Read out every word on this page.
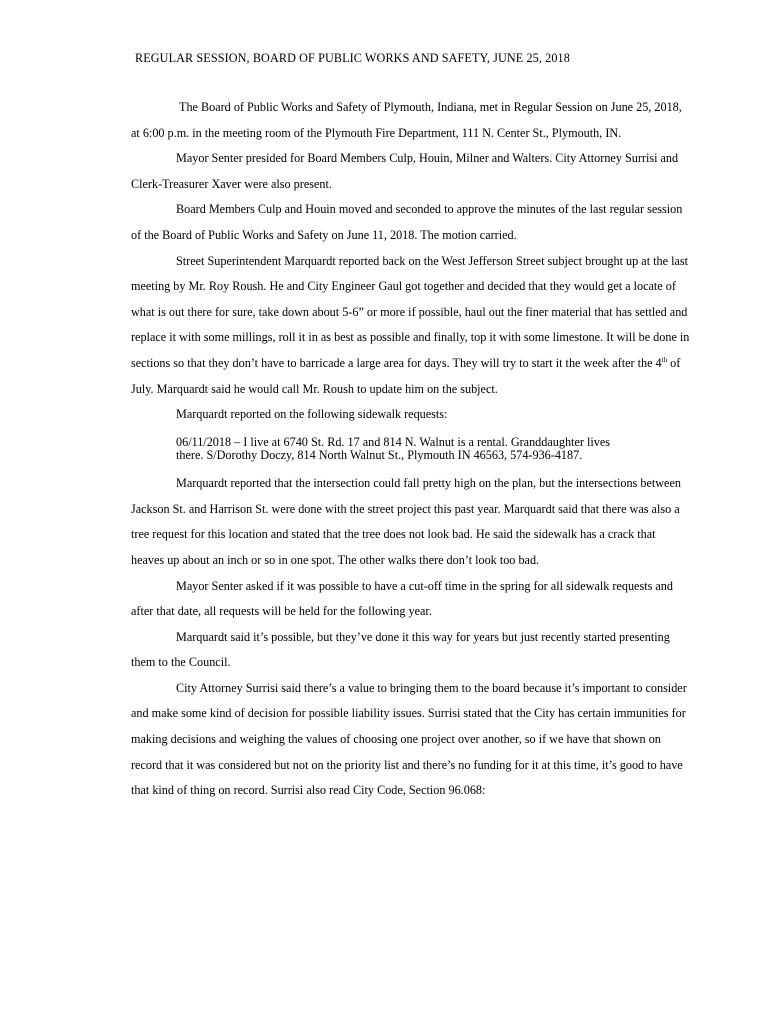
REGULAR SESSION, BOARD OF PUBLIC WORKS AND SAFETY, JUNE 25, 2018

The Board of Public Works and Safety of Plymouth, Indiana, met in Regular Session on June 25, 2018, at 6:00 p.m. in the meeting room of the Plymouth Fire Department, 111 N. Center St., Plymouth, IN.

Mayor Senter presided for Board Members Culp, Houin, Milner and Walters. City Attorney Surrisi and Clerk-Treasurer Xaver were also present.

Board Members Culp and Houin moved and seconded to approve the minutes of the last regular session of the Board of Public Works and Safety on June 11, 2018. The motion carried.

Street Superintendent Marquardt reported back on the West Jefferson Street subject brought up at the last meeting by Mr. Roy Roush. He and City Engineer Gaul got together and decided that they would get a locate of what is out there for sure, take down about 5-6” or more if possible, haul out the finer material that has settled and replace it with some millings, roll it in as best as possible and finally, top it with some limestone. It will be done in sections so that they don’t have to barricade a large area for days. They will try to start it the week after the 4th of July. Marquardt said he would call Mr. Roush to update him on the subject.

Marquardt reported on the following sidewalk requests:

06/11/2018 – I live at 6740 St. Rd. 17 and 814 N. Walnut is a rental. Granddaughter lives
there. S/Dorothy Doczy, 814 North Walnut St., Plymouth IN 46563, 574-936-4187.

Marquardt reported that the intersection could fall pretty high on the plan, but the intersections between Jackson St. and Harrison St. were done with the street project this past year. Marquardt said that there was also a tree request for this location and stated that the tree does not look bad. He said the sidewalk has a crack that heaves up about an inch or so in one spot. The other walks there don’t look too bad.

Mayor Senter asked if it was possible to have a cut-off time in the spring for all sidewalk requests and after that date, all requests will be held for the following year.

Marquardt said it’s possible, but they’ve done it this way for years but just recently started presenting them to the Council.

City Attorney Surrisi said there’s a value to bringing them to the board because it’s important to consider and make some kind of decision for possible liability issues. Surrisi stated that the City has certain immunities for making decisions and weighing the values of choosing one project over another, so if we have that shown on record that it was considered but not on the priority list and there’s no funding for it at this time, it’s good to have that kind of thing on record. Surrisi also read City Code, Section 96.068:
